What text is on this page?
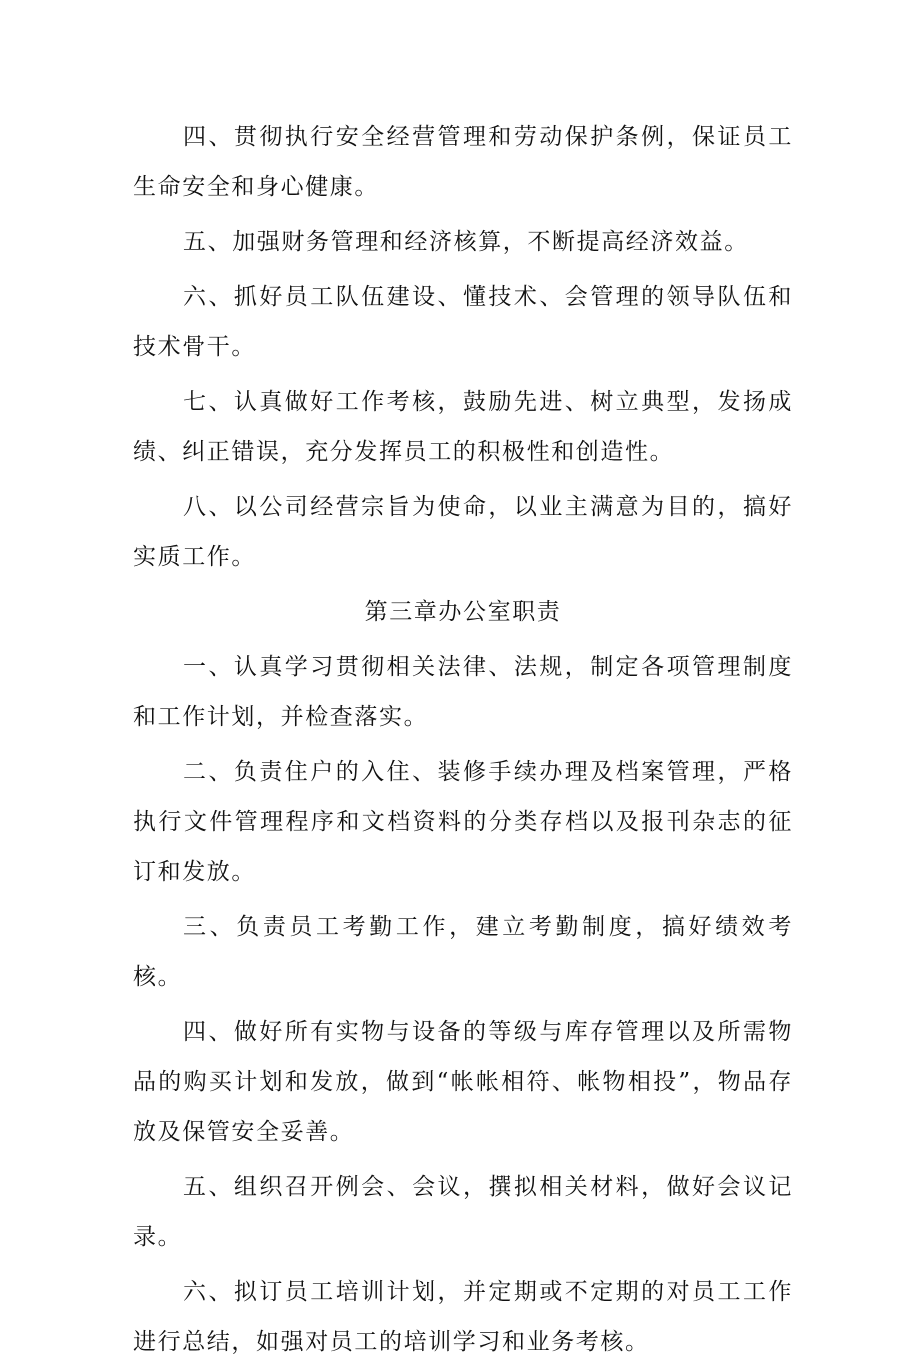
四、贯彻执行安全经营管理和劳动保护条例，保证员工生命安全和身心健康。

五、加强财务管理和经济核算，不断提高经济效益。

六、抓好员工队伍建设、懂技术、会管理的领导队伍和技术骨干。

七、认真做好工作考核，鼓励先进、树立典型，发扬成绩、纠正错误，充分发挥员工的积极性和创造性。

八、以公司经营宗旨为使命，以业主满意为目的，搞好实质工作。

第三章办公室职责

一、认真学习贯彻相关法律、法规，制定各项管理制度和工作计划，并检查落实。

二、负责住户的入住、装修手续办理及档案管理，严格执行文件管理程序和文档资料的分类存档以及报刊杂志的征订和发放。

三、负责员工考勤工作，建立考勤制度，搞好绩效考核。

四、做好所有实物与设备的等级与库存管理以及所需物品的购买计划和发放，做到“帐帐相符、帐物相投”，物品存放及保管安全妥善。

五、组织召开例会、会议，撰拟相关材料，做好会议记录。

六、拟订员工培训计划，并定期或不定期的对员工工作进行总结，如强对员工的培训学习和业务考核。
